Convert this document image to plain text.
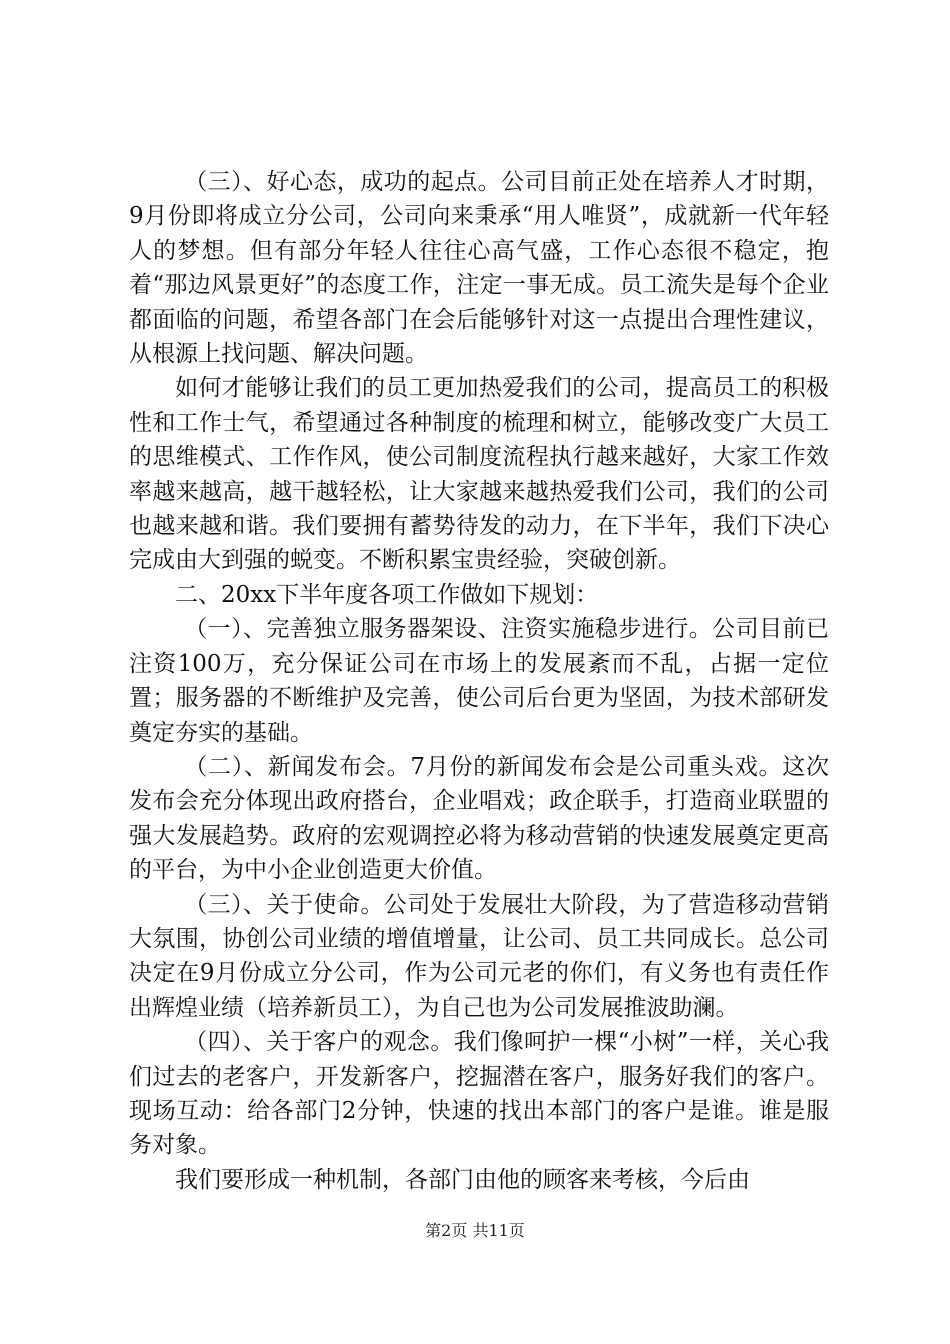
（三）、好心态，成功的起点。公司目前正处在培养人才时期，9月份即将成立分公司，公司向来秉承“用人唯贤”，成就新一代年轻人的梦想。但有部分年轻人往往心高气盛，工作心态很不稳定，抱着“那边风景更好”的态度工作，注定一事无成。员工流失是每个企业都面临的问题，希望各部门在会后能够针对这一点提出合理性建议，从根源上找问题、解决问题。

如何才能够让我们的员工更加热爱我们的公司，提高员工的积极性和工作士气，希望通过各种制度的梳理和树立，能够改变广大员工的思维模式、工作作风，使公司制度流程执行越来越好，大家工作效率越来越高，越干越轻松，让大家越来越热爱我们公司，我们的公司也越来越和谐。我们要拥有蓄势待发的动力，在下半年，我们下决心完成由大到强的蜕变。不断积累宝贵经验，突破创新。

二、20xx下半年度各项工作做如下规划：

（一）、完善独立服务器架设、注资实施稳步进行。公司目前已注资100万，充分保证公司在市场上的发展紊而不乱，占据一定位置；服务器的不断维护及完善，使公司后台更为坚固，为技术部研发奠定夯实的基础。

（二）、新闻发布会。7月份的新闻发布会是公司重头戏。这次发布会充分体现出政府搭台，企业唱戏；政企联手，打造商业联盟的强大发展趋势。政府的宏观调控必将为移动营销的快速发展奠定更高的平台，为中小企业创造更大价值。

（三）、关于使命。公司处于发展壮大阶段，为了营造移动营销大氛围，协创公司业绩的增值增量，让公司、员工共同成长。总公司决定在9月份成立分公司，作为公司元老的你们，有义务也有责任作出辉煌业绩（培养新员工），为自己也为公司发展推波助澜。

（四）、关于客户的观念。我们像呵护一棵“小树”一样，关心我们过去的老客户，开发新客户，挖掘潜在客户，服务好我们的客户。现场互动：给各部门2分钟，快速的找出本部门的客户是谁。谁是服务对象。

我们要形成一种机制，各部门由他的顾客来考核，今后由

第2页 共11页
